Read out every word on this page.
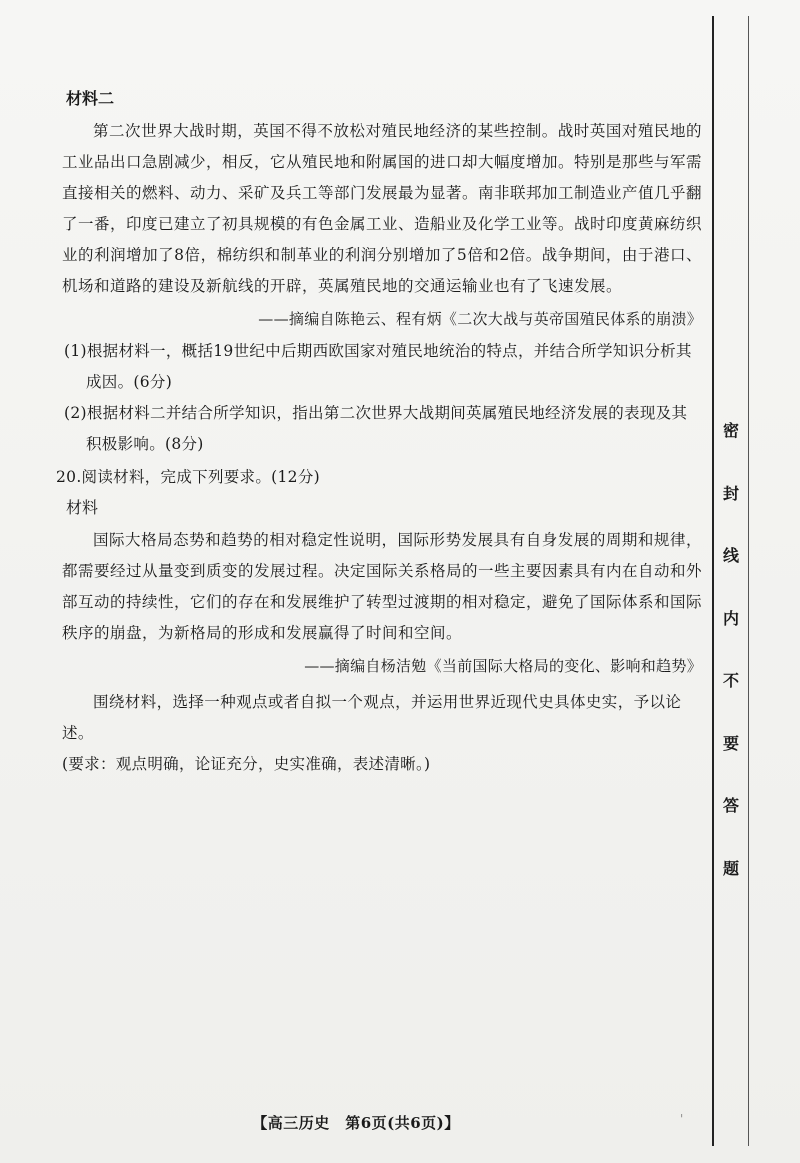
材料二

第二次世界大战时期，英国不得不放松对殖民地经济的某些控制。战时英国对殖民地的工业品出口急剧减少，相反，它从殖民地和附属国的进口却大幅度增加。特别是那些与军需直接相关的燃料、动力、采矿及兵工等部门发展最为显著。南非联邦加工制造业产值几乎翻了一番，印度已建立了初具规模的有色金属工业、造船业及化学工业等。战时印度黄麻纺织业的利润增加了8倍，棉纺织和制革业的利润分别增加了5倍和2倍。战争期间，由于港口、机场和道路的建设及新航线的开辟，英属殖民地的交通运输业也有了飞速发展。

——摘编自陈艳云、程有炳《二次大战与英帝国殖民体系的崩溃》

(1)根据材料一，概括19世纪中后期西欧国家对殖民地统治的特点，并结合所学知识分析其成因。(6分)

(2)根据材料二并结合所学知识，指出第二次世界大战期间英属殖民地经济发展的表现及其积极影响。(8分)

20.阅读材料，完成下列要求。(12分)

材料

国际大格局态势和趋势的相对稳定性说明，国际形势发展具有自身发展的周期和规律，都需要经过从量变到质变的发展过程。决定国际关系格局的一些主要因素具有内在自动和外部互动的持续性，它们的存在和发展维护了转型过渡期的相对稳定，避免了国际体系和国际秩序的崩盘，为新格局的形成和发展赢得了时间和空间。

——摘编自杨洁勉《当前国际大格局的变化、影响和趋势》

围绕材料，选择一种观点或者自拟一个观点，并运用世界近现代史具体史实，予以论述。

(要求：观点明确，论证充分，史实准确，表述清晰。)

密
封
线
内
不
要
答
题
【高三历史　第6页(共6页)】	'
